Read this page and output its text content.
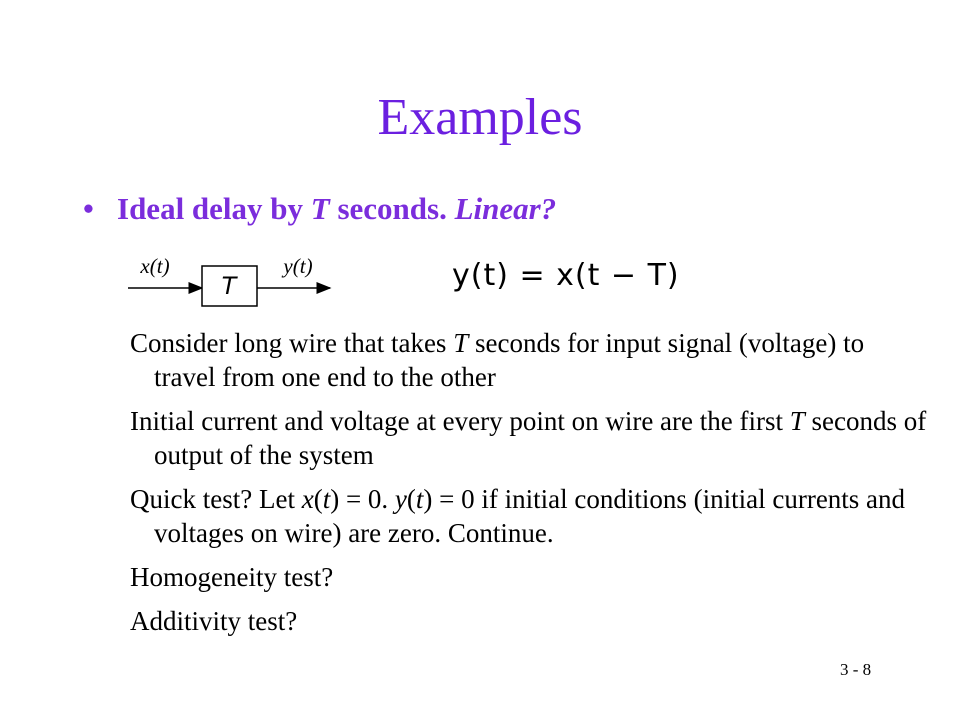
Examples
• Ideal delay by T seconds. Linear?
x(t)	y(t)
T	y(t) = x(t − T)

Consider long wire that takes T seconds for input signal (voltage) to travel from one end to the other

Initial current and voltage at every point on wire are the first T seconds of output of the system

Quick test? Let x(t) = 0. y(t) = 0 if initial conditions (initial currents and voltages on wire) are zero. Continue.

Homogeneity test?

Additivity test?

3 - 8
